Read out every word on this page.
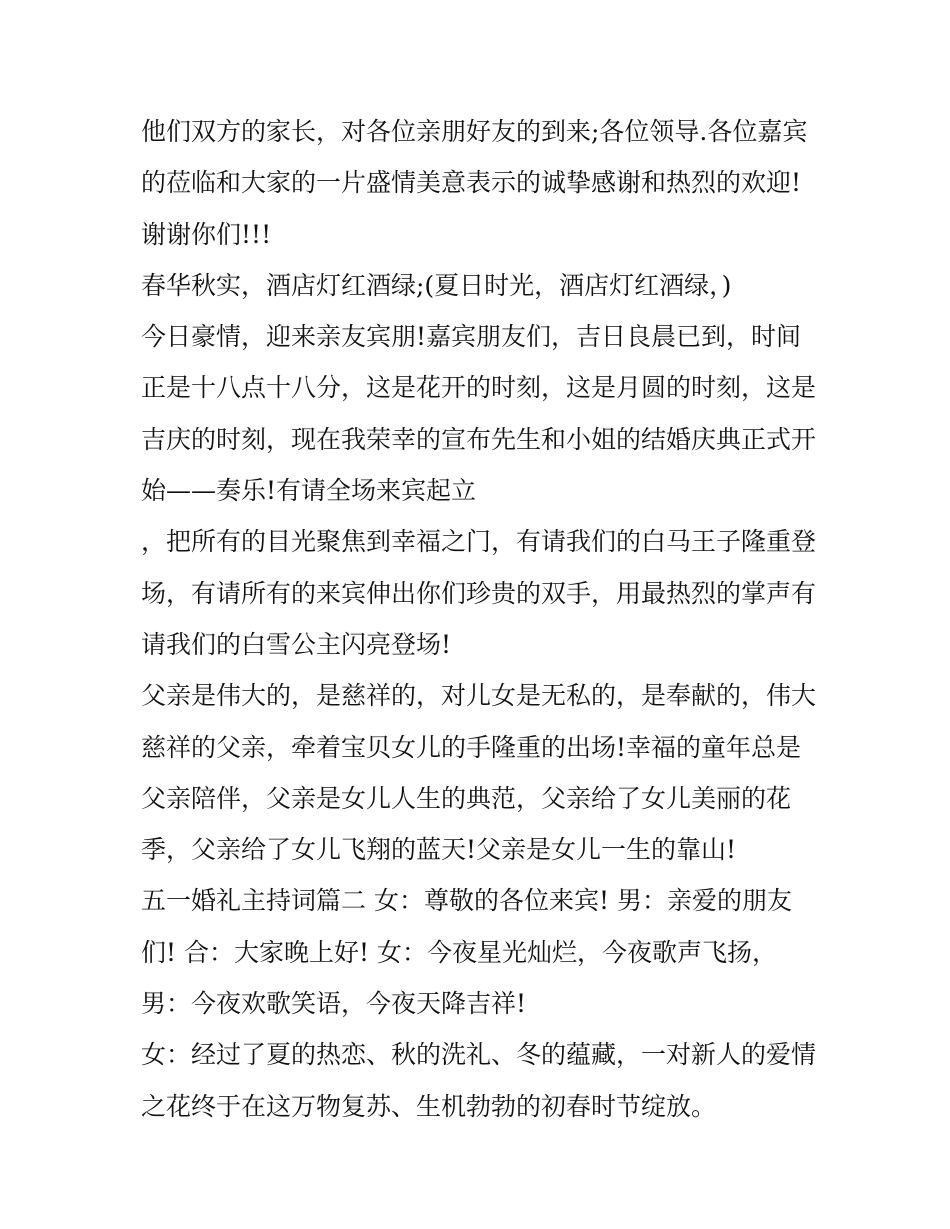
他们双方的家长，对各位亲朋好友的到来;各位领导.各位嘉宾
的莅临和大家的一片盛情美意表示的诚挚感谢和热烈的欢迎!
谢谢你们!!!
春华秋实，酒店灯红酒绿;(夏日时光，酒店灯红酒绿，)
今日豪情，迎来亲友宾朋!嘉宾朋友们，吉日良晨已到，时间
正是十八点十八分，这是花开的时刻，这是月圆的时刻，这是
吉庆的时刻，现在我荣幸的宣布先生和小姐的结婚庆典正式开
始——奏乐!有请全场来宾起立
，把所有的目光聚焦到幸福之门，有请我们的白马王子隆重登
场，有请所有的来宾伸出你们珍贵的双手，用最热烈的掌声有
请我们的白雪公主闪亮登场!
父亲是伟大的，是慈祥的，对儿女是无私的，是奉献的，伟大
慈祥的父亲，牵着宝贝女儿的手隆重的出场!幸福的童年总是
父亲陪伴，父亲是女儿人生的典范，父亲给了女儿美丽的花
季，父亲给了女儿飞翔的蓝天!父亲是女儿一生的靠山!
五一婚礼主持词篇二 女：尊敬的各位来宾! 男：亲爱的朋友
们! 合：大家晚上好! 女：今夜星光灿烂，今夜歌声飞扬，
男：今夜欢歌笑语，今夜天降吉祥!
女：经过了夏的热恋、秋的洗礼、冬的蕴藏，一对新人的爱情
之花终于在这万物复苏、生机勃勃的初春时节绽放。
